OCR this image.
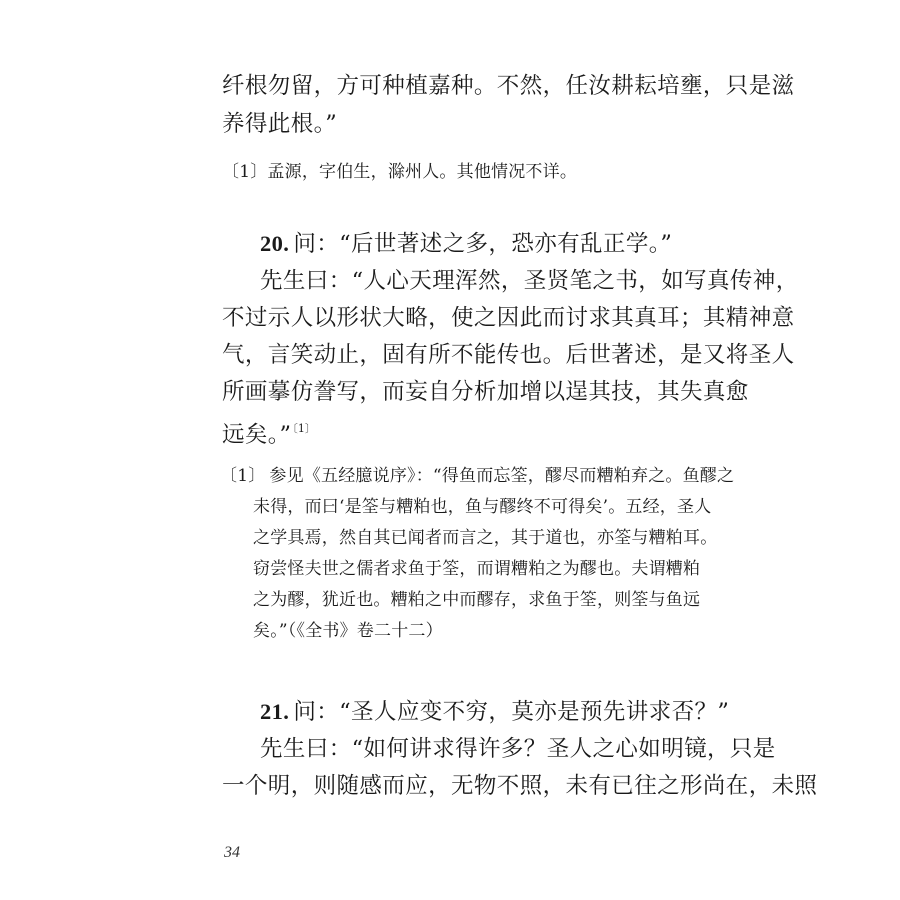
纤根勿留，方可种植嘉种。不然，任汝耕耘培壅，只是滋
养得此根。”
〔1〕孟源，字伯生，滁州人。其他情况不详。
20. 问：“后世著述之多，恐亦有乱正学。”
先生曰：“人心天理浑然，圣贤笔之书，如写真传神，
不过示人以形状大略，使之因此而讨求其真耳；其精神意
气，言笑动止，固有所不能传也。后世著述，是又将圣人
所画摹仿誊写，而妄自分析加增以逞其技，其失真愈
远矣。”$^{〔1〕}$
〔1〕 参见《五经臆说序》：“得鱼而忘筌，醪尽而糟粕弃之。鱼醪之
未得，而曰‘是筌与糟粕也，鱼与醪终不可得矣’。五经，圣人
之学具焉，然自其已闻者而言之，其于道也，亦筌与糟粕耳。
窃尝怪夫世之儒者求鱼于筌，而谓糟粕之为醪也。夫谓糟粕
之为醪，犹近也。糟粕之中而醪存，求鱼于筌，则筌与鱼远
矣。”（《全书》卷二十二）
21. 问：“圣人应变不穷，莫亦是预先讲求否？”
先生曰：“如何讲求得许多？圣人之心如明镜，只是
一个明，则随感而应，无物不照，未有已往之形尚在，未照
34
